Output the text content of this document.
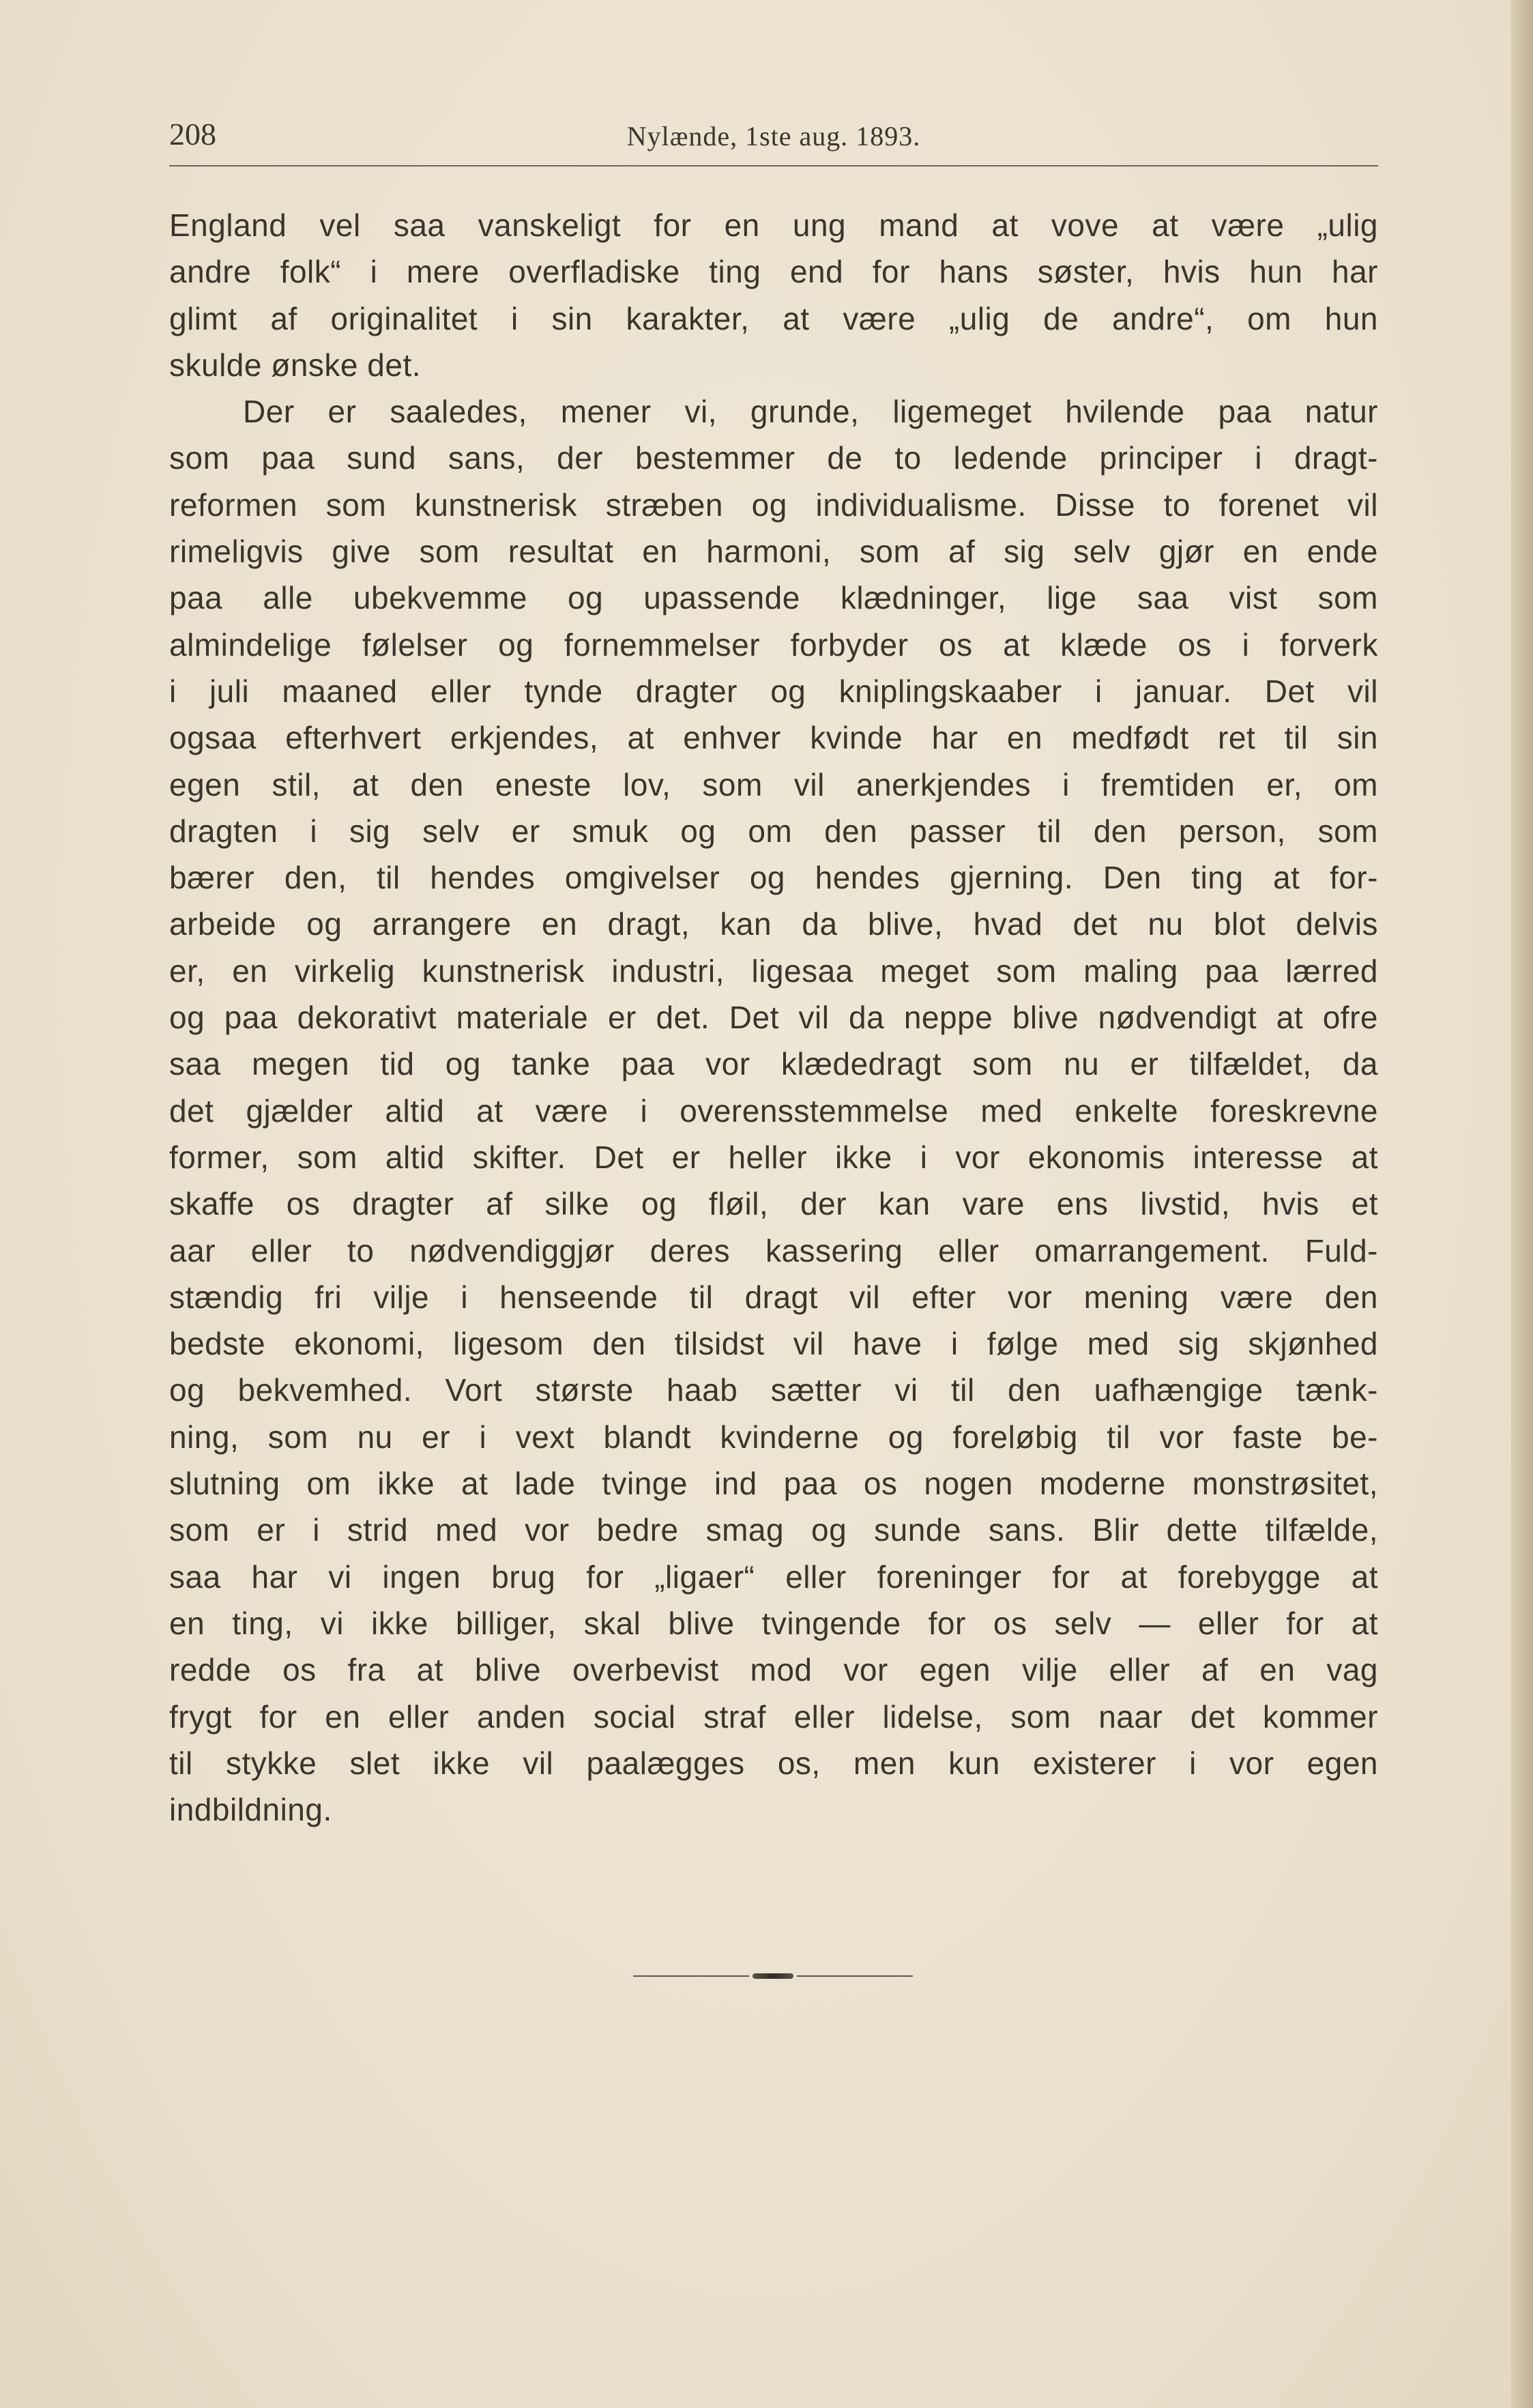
208	Nylænde, 1ste aug. 1893.
England vel saa vanskeligt for en ung mand at vove at være „ulig
andre folk“ i mere overfladiske ting end for hans søster, hvis hun har
glimt af originalitet i sin karakter, at være „ulig de andre“, om hun
skulde ønske det.
Der er saaledes, mener vi, grunde, ligemeget hvilende paa natur
som paa sund sans, der bestemmer de to ledende principer i dragt-
reformen som kunstnerisk stræben og individualisme. Disse to forenet vil
rimeligvis give som resultat en harmoni, som af sig selv gjør en ende
paa alle ubekvemme og upassende klædninger, lige saa vist som
almindelige følelser og fornemmelser forbyder os at klæde os i forverk
i juli maaned eller tynde dragter og kniplingskaaber i januar. Det vil
ogsaa efterhvert erkjendes, at enhver kvinde har en medfødt ret til sin
egen stil, at den eneste lov, som vil anerkjendes i fremtiden er, om
dragten i sig selv er smuk og om den passer til den person, som
bærer den, til hendes omgivelser og hendes gjerning. Den ting at for-
arbeide og arrangere en dragt, kan da blive, hvad det nu blot delvis
er, en virkelig kunstnerisk industri, ligesaa meget som maling paa lærred
og paa dekorativt materiale er det. Det vil da neppe blive nødvendigt at ofre
saa megen tid og tanke paa vor klædedragt som nu er tilfældet, da
det gjælder altid at være i overensstemmelse med enkelte foreskrevne
former, som altid skifter. Det er heller ikke i vor ekonomis interesse at
skaffe os dragter af silke og fløil, der kan vare ens livstid, hvis et
aar eller to nødvendiggjør deres kassering eller omarrangement. Fuld-
stændig fri vilje i henseende til dragt vil efter vor mening være den
bedste ekonomi, ligesom den tilsidst vil have i følge med sig skjønhed
og bekvemhed. Vort største haab sætter vi til den uafhængige tænk-
ning, som nu er i vext blandt kvinderne og foreløbig til vor faste be-
slutning om ikke at lade tvinge ind paa os nogen moderne monstrøsitet,
som er i strid med vor bedre smag og sunde sans. Blir dette tilfælde,
saa har vi ingen brug for „ligaer“ eller foreninger for at forebygge at
en ting, vi ikke billiger, skal blive tvingende for os selv — eller for at
redde os fra at blive overbevist mod vor egen vilje eller af en vag
frygt for en eller anden social straf eller lidelse, som naar det kommer
til stykke slet ikke vil paalægges os, men kun existerer i vor egen
indbildning.
